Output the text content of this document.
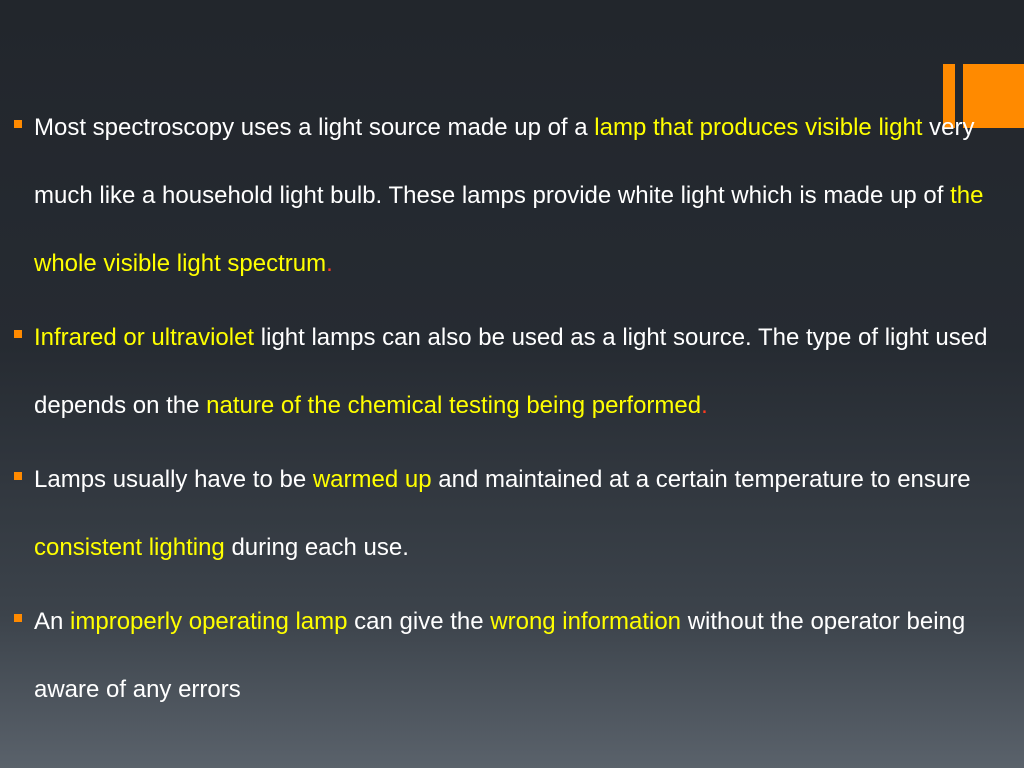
Most spectroscopy uses a light source made up of a lamp that produces visible light very much like a household light bulb. These lamps provide white light which is made up of the whole visible light spectrum.
Infrared or ultraviolet light lamps can also be used as a light source. The type of light used depends on the nature of the chemical testing being performed.
Lamps usually have to be warmed up and maintained at a certain temperature to ensure consistent lighting during each use.
An improperly operating lamp can give the wrong information without the operator being aware of any errors
